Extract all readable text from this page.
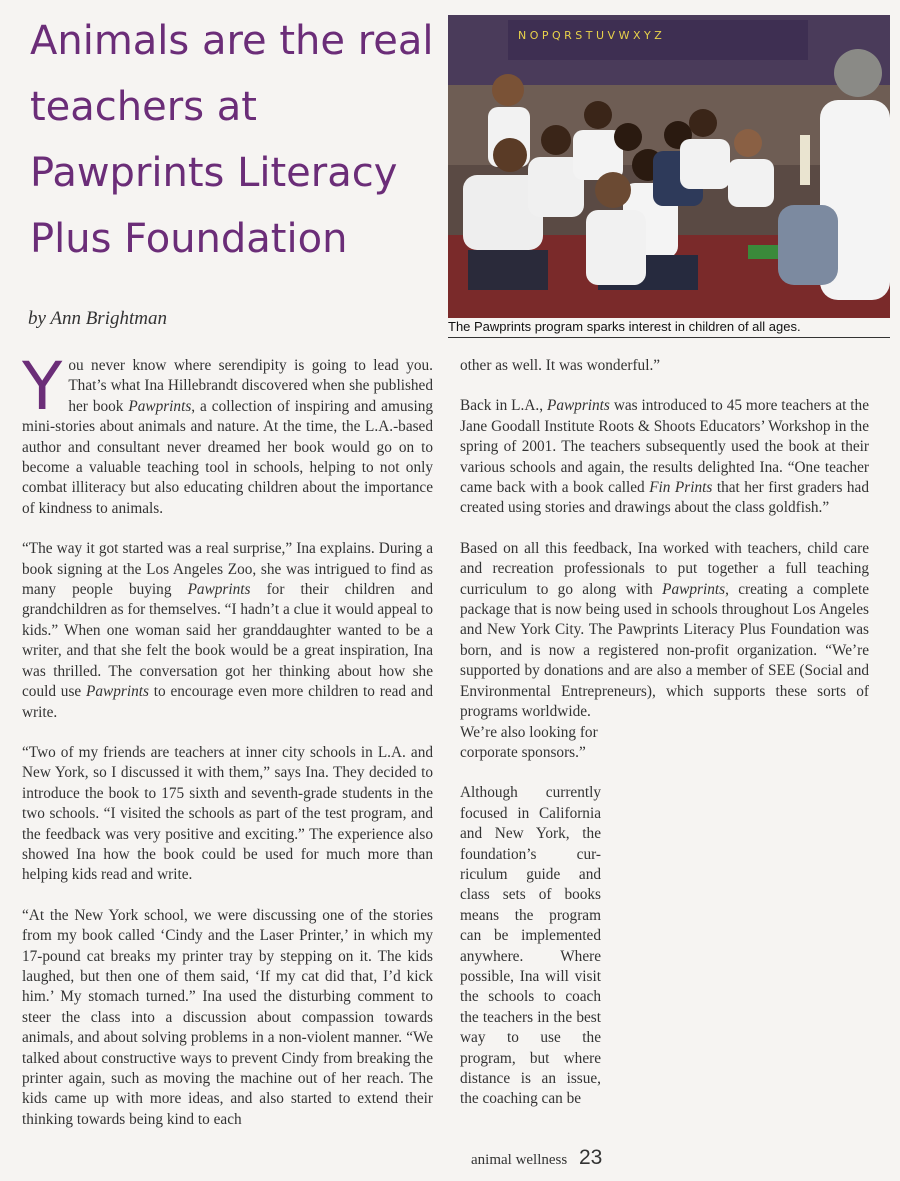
Animals are the real teachers at Pawprints Literacy Plus Foundation
by Ann Brightman
N O P Q R S T U V W X Y Z
The Pawprints program sparks interest in children of all ages.

You never know where serendipity is going to lead you. That’s what Ina Hillebrandt discovered when she published her book Pawprints, a collection of inspiring and amusing mini-stories about animals and nature. At the time, the L.A.-based author and consultant never dreamed her book would go on to become a valuable teaching tool in schools, helping to not only combat illiteracy but also educating children about the importance of kindness to animals.

“The way it got started was a real surprise,” Ina explains. During a book signing at the Los Angeles Zoo, she was intrigued to find as many people buying Pawprints for their children and grandchildren as for themselves. “I hadn’t a clue it would appeal to kids.” When one woman said her granddaughter wanted to be a writer, and that she felt the book would be a great inspiration, Ina was thrilled. The conversation got her thinking about how she could use Pawprints to encourage even more children to read and write.

“Two of my friends are teachers at inner city schools in L.A. and New York, so I discussed it with them,” says Ina. They decided to introduce the book to 175 sixth and seventh-grade students in the two schools. “I visited the schools as part of the test program, and the feedback was very positive and exciting.” The experience also showed Ina how the book could be used for much more than helping kids read and write.

“At the New York school, we were discussing one of the stories from my book called ‘Cindy and the Laser Printer,’ in which my 17-pound cat breaks my printer tray by stepping on it. The kids laughed, but then one of them said, ‘If my cat did that, I’d kick him.’ My stomach turned.” Ina used the disturbing comment to steer the class into a discussion about compassion towards animals, and about solving problems in a non-violent manner. “We talked about constructive ways to prevent Cindy from breaking the printer again, such as moving the machine out of her reach. The kids came up with more ideas, and also started to extend their thinking towards being kind to each

other as well. It was wonderful.”

Back in L.A., Pawprints was introduced to 45 more teachers at the Jane Goodall Institute Roots & Shoots Educators’ Workshop in the spring of 2001. The teachers subsequently used the book at their various schools and again, the results delighted Ina. “One teacher came back with a book called Fin Prints that her first graders had created using stories and drawings about the class goldfish.”

Based on all this feedback, Ina worked with teachers, child care and recreation professionals to put together a full teaching curriculum to go along with Pawprints, creating a complete package that is now being used in schools throughout Los Angeles and New York City. The Pawprints Literacy Plus Foundation was born, and is now a registered non-profit organization. “We’re supported by donations and are also a member of SEE (Social and Environmental Entrepreneurs), which supports these sorts of programs worldwide.

We’re also looking for corporate sponsors.”

Although currently focused in California and New York, the foundation’s cur-riculum guide and class sets of books means the program can be implemented anywhere. Where possible, Ina will visit the schools to coach the teachers in the best way to use the program, but where distance is an issue, the coaching can be

animal wellness 23
